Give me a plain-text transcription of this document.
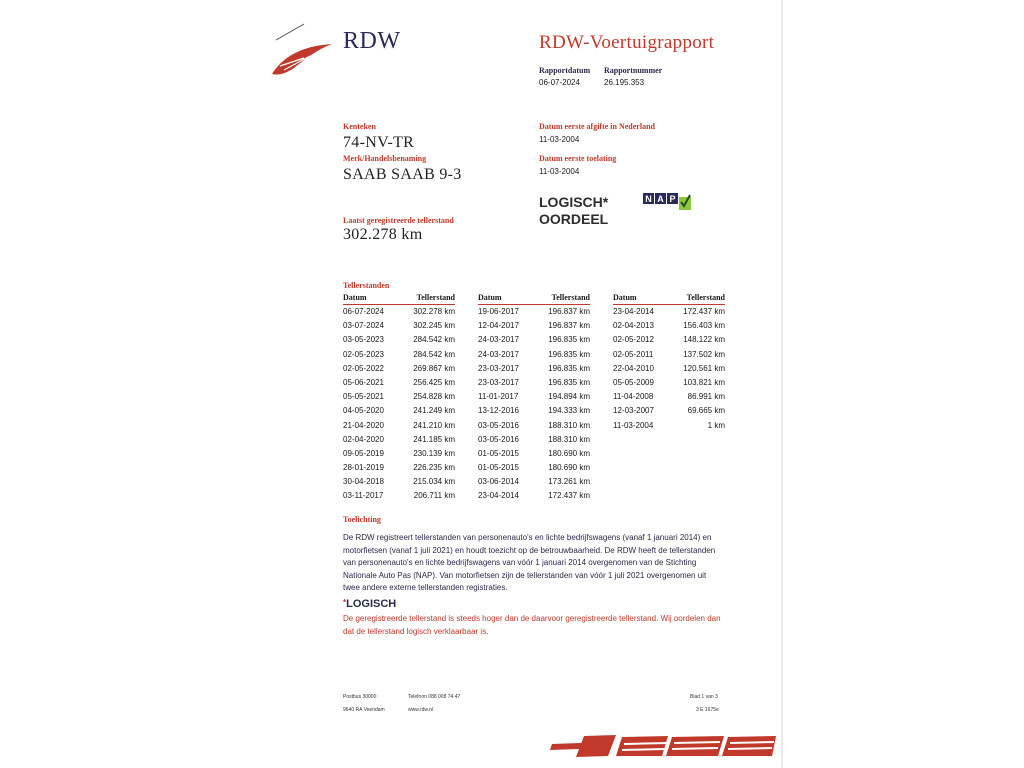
RDW	RDW-Voertuigrapport
Rapportdatum
06-07-2024
Rapportnummer
26.195.353
Kenteken
74-NV-TR
Merk/Handelsbenaming
SAAB SAAB 9-3
Laatst geregistreerde tellerstand
302.278 km
Datum eerste afgifte in Nederland
11-03-2004
Datum eerste toelating
11-03-2004
LOGISCH*
OORDEEL
N A P
Tellerstanden
Datum	Tellerstand
06-07-2024	302.278 km
03-07-2024	302.245 km
03-05-2023	284.542 km
02-05-2023	284.542 km
02-05-2022	269.867 km
05-06-2021	256.425 km
05-05-2021	254.828 km
04-05-2020	241.249 km
21-04-2020	241.210 km
02-04-2020	241.185 km
09-05-2019	230.139 km
28-01-2019	226.235 km
30-04-2018	215.034 km
03-11-2017	206.711 km
Datum	Tellerstand
19-06-2017	196.837 km
12-04-2017	196.837 km
24-03-2017	196.835 km
24-03-2017	196.835 km
23-03-2017	196.835 km
23-03-2017	196.835 km
11-01-2017	194.894 km
13-12-2016	194.333 km
03-05-2016	188.310 km
03-05-2016	188.310 km
01-05-2015	180.690 km
01-05-2015	180.690 km
03-06-2014	173.261 km
23-04-2014	172.437 km
Datum	Tellerstand
23-04-2014	172.437 km
02-04-2013	156.403 km
02-05-2012	148.122 km
02-05-2011	137.502 km
22-04-2010	120.561 km
05-05-2009	103.821 km
11-04-2008	86.991 km
12-03-2007	69.665 km
11-03-2004	1 km
Toelichting
De RDW registreert tellerstanden van personenauto's en lichte bedrijfswagens (vanaf 1 januari 2014) en motorfietsen (vanaf 1 juli 2021) en houdt toezicht op de betrouwbaarheid. De RDW heeft de tellerstanden van personenauto's en lichte bedrijfswagens van vóór 1 januari 2014 overgenomen van de Stichting Nationale Auto Pas (NAP). Van motorfietsen zijn de tellerstanden van vóór 1 juli 2021 overgenomen uit twee andere externe tellerstanden registraties.
*LOGISCH
De geregistreerde tellerstand is steeds hoger dan de daarvoor geregistreerde tellerstand. Wij oordelen dan dat de tellerstand logisch verklaarbaar is.
Postbus 30000
9640 RA Veendam
Telefoon 088 008 74 47
www.rdw.nl
Blad 1 van 3
3 E 1675e
